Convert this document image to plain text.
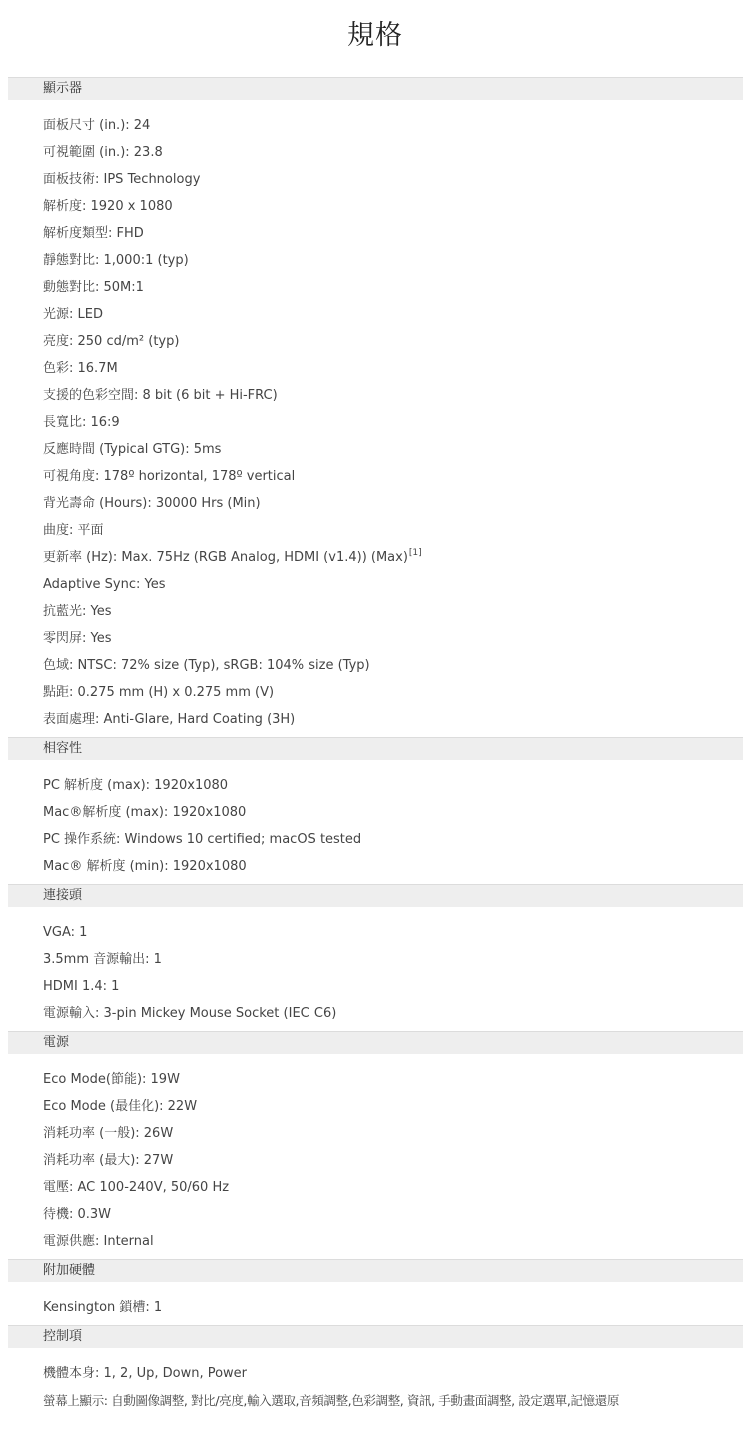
規格
顯示器
面板尺寸 (in.): 24
可視範圍 (in.): 23.8
面板技術: IPS Technology
解析度: 1920 x 1080
解析度類型: FHD
靜態對比: 1,000:1 (typ)
動態對比: 50M:1
光源: LED
亮度: 250 cd/m² (typ)
色彩: 16.7M
支援的色彩空間: 8 bit (6 bit + Hi-FRC)
長寬比: 16:9
反應時間 (Typical GTG): 5ms
可視角度: 178º horizontal, 178º vertical
背光壽命 (Hours): 30000 Hrs (Min)
曲度: 平面
更新率 (Hz): Max. 75Hz (RGB Analog, HDMI (v1.4)) (Max)[1]
Adaptive Sync: Yes
抗藍光: Yes
零閃屏: Yes
色域: NTSC: 72% size (Typ), sRGB: 104% size (Typ)
點距: 0.275 mm (H) x 0.275 mm (V)
表面處理: Anti-Glare, Hard Coating (3H)
相容性
PC 解析度 (max): 1920x1080
Mac®解析度 (max): 1920x1080
PC 操作系統: Windows 10 certified; macOS tested
Mac® 解析度 (min): 1920x1080
連接頭
VGA: 1
3.5mm 音源輸出: 1
HDMI 1.4: 1
電源輸入: 3-pin Mickey Mouse Socket (IEC C6)
電源
Eco Mode(節能): 19W
Eco Mode (最佳化): 22W
消耗功率 (一般): 26W
消耗功率 (最大): 27W
電壓: AC 100-240V, 50/60 Hz
待機: 0.3W
電源供應: Internal
附加硬體
Kensington 鎖槽: 1
控制項
機體本身: 1, 2, Up, Down, Power
螢幕上顯示: 自動圖像調整, 對比/亮度,輸入選取,音頻調整,色彩調整, 資訊, 手動畫面調整, 設定選單,記憶還原
